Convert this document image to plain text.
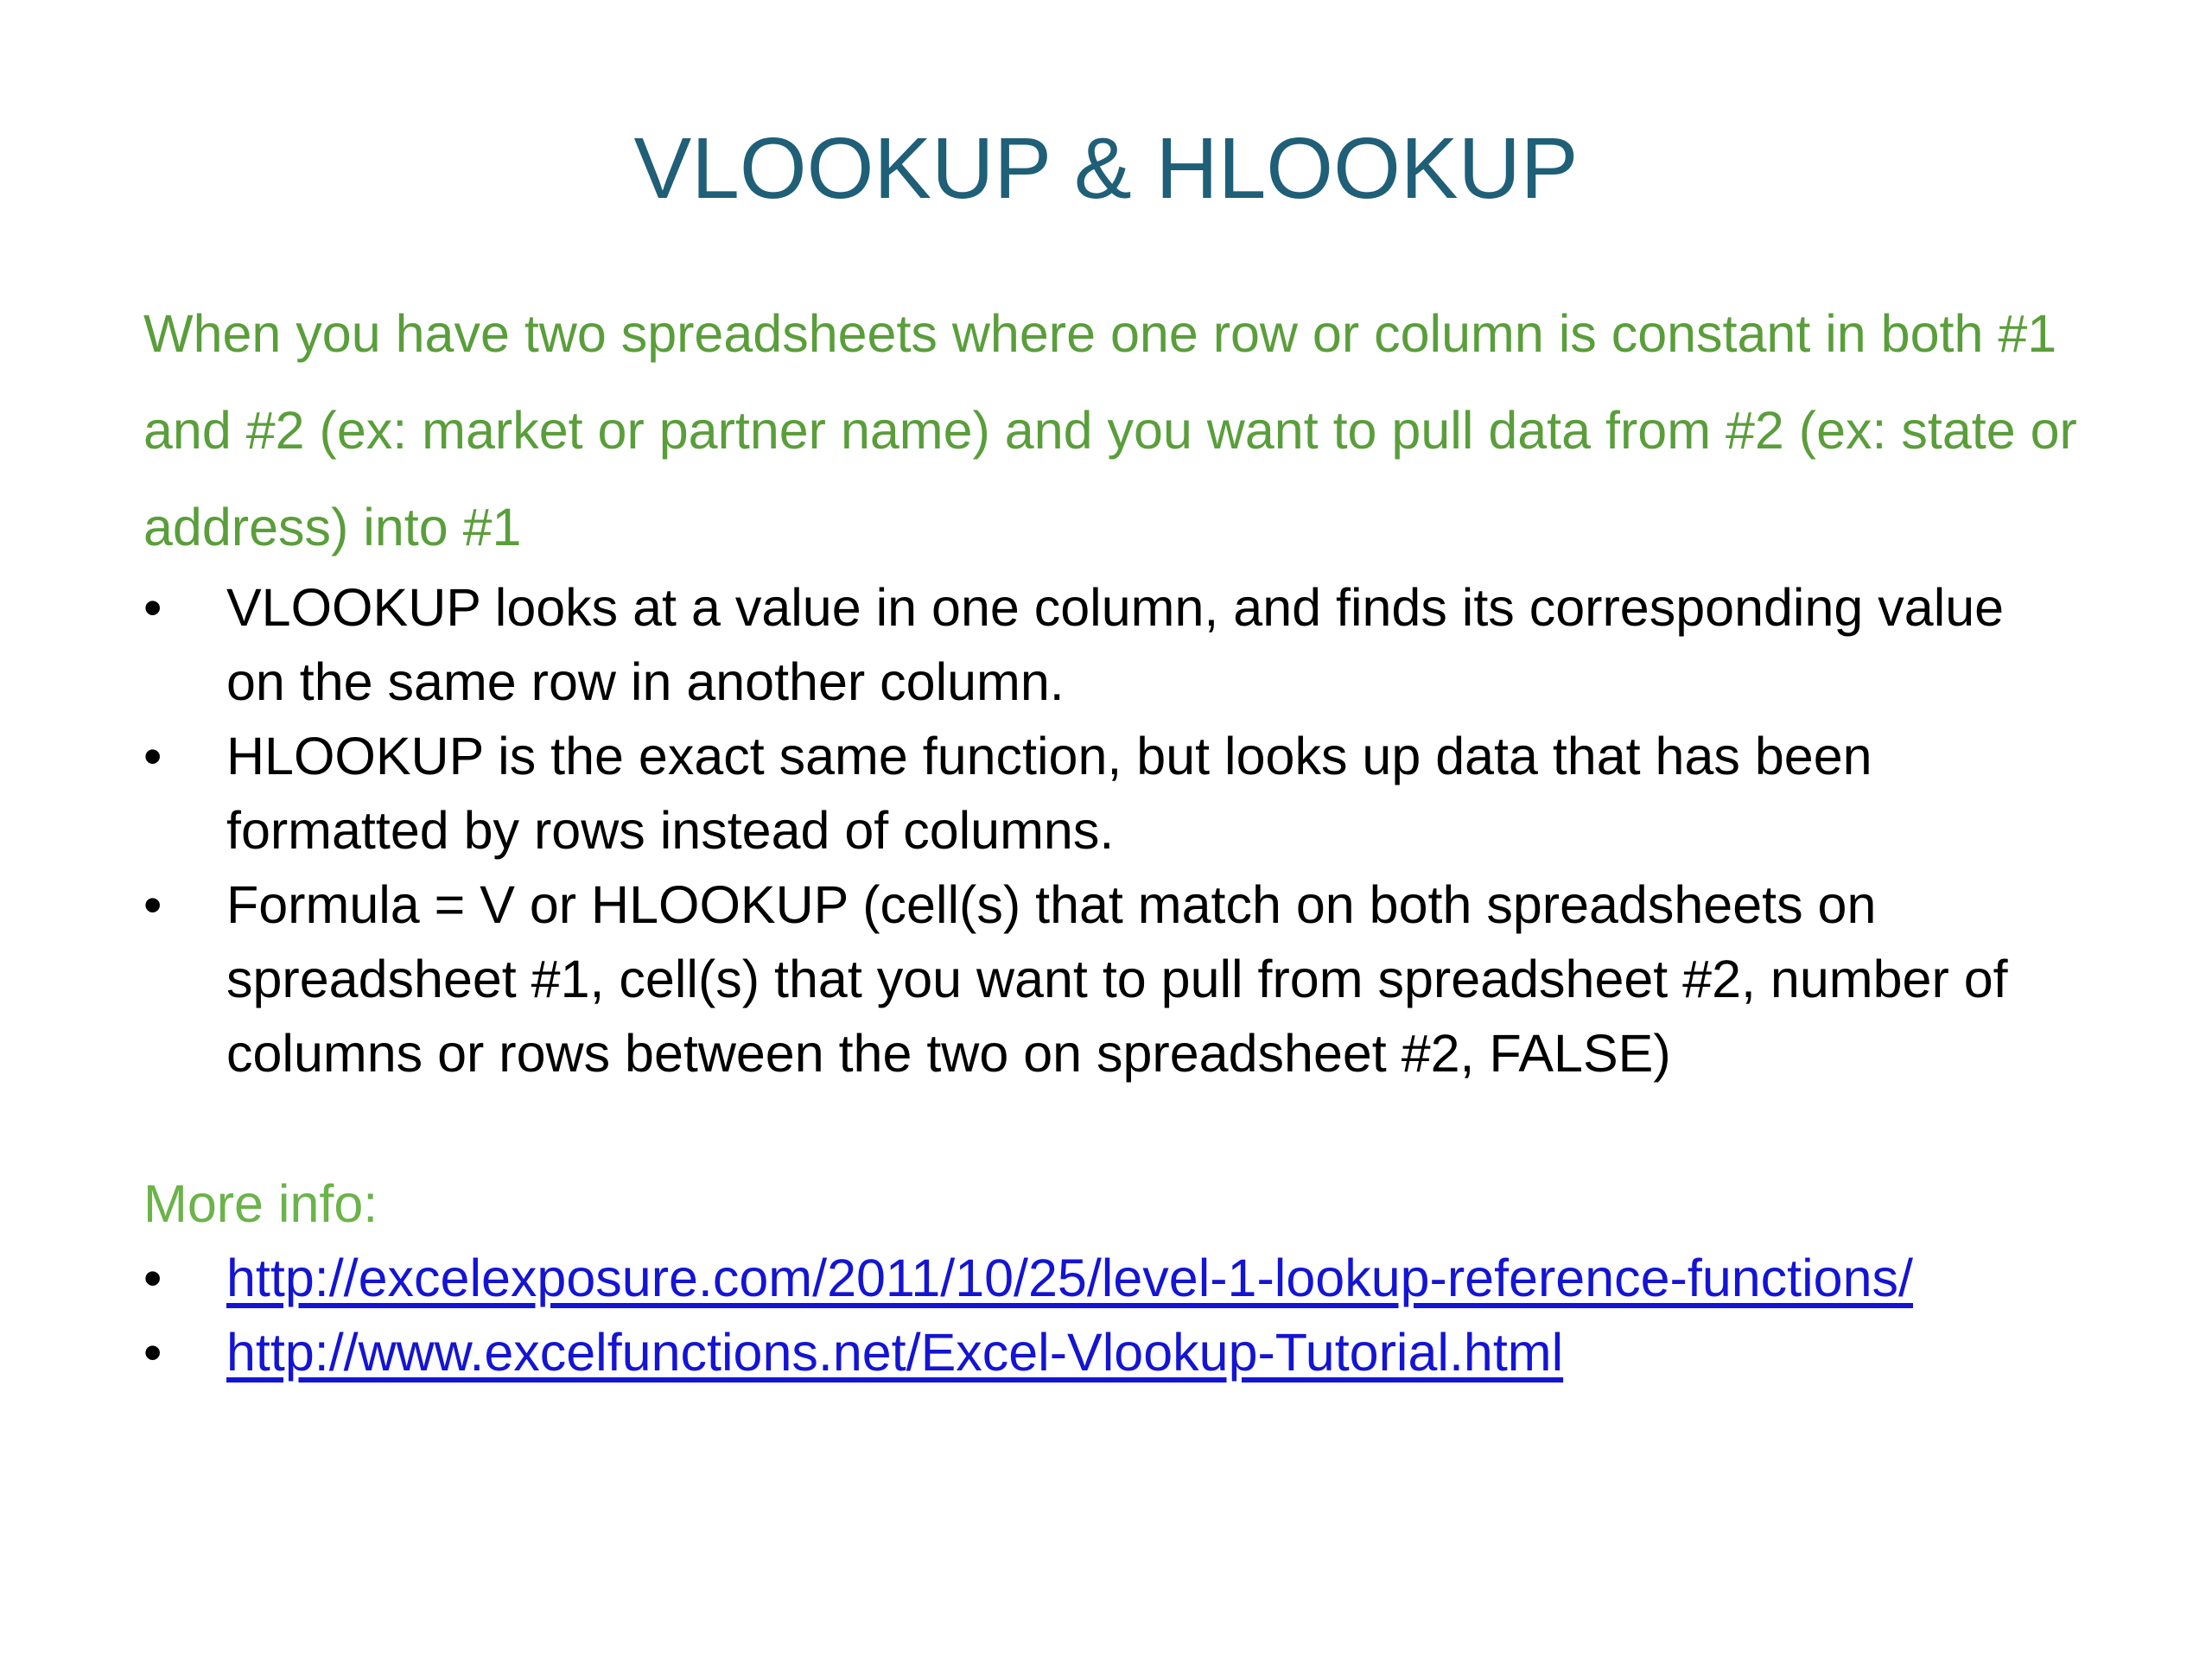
VLOOKUP & HLOOKUP
When you have two spreadsheets where one row or column is constant in both #1 and #2 (ex: market or partner name) and you want to pull data from #2 (ex: state or address) into #1
•	VLOOKUP looks at a value in one column, and finds its corresponding value on the same row in another column.
•	HLOOKUP is the exact same function, but looks up data that has been formatted by rows instead of columns.
•	Formula = V or HLOOKUP (cell(s) that match on both spreadsheets on spreadsheet #1, cell(s) that you want to pull from spreadsheet #2, number of columns or rows between the two on spreadsheet #2, FALSE)
More info:
•	http://excelexposure.com/2011/10/25/level-1-lookup-reference-functions/
•	http://www.excelfunctions.net/Excel-Vlookup-Tutorial.html
